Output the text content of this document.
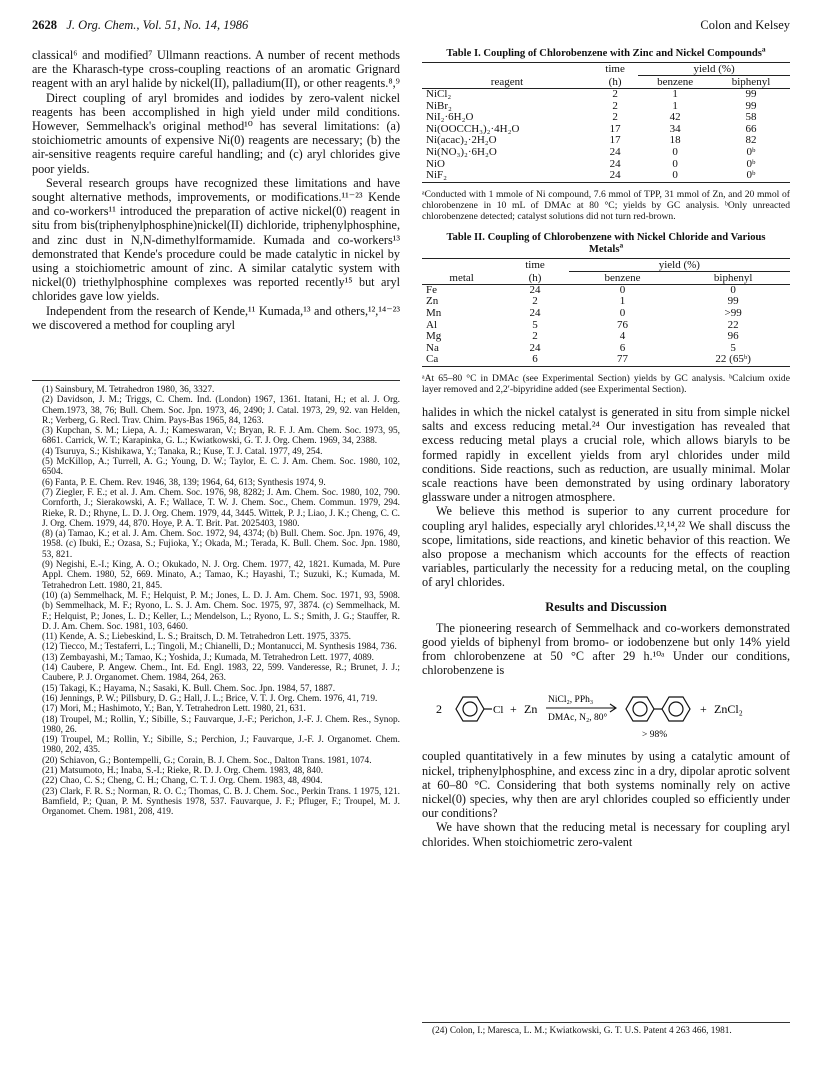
2628 J. Org. Chem., Vol. 51, No. 14, 1986	Colon and Kelsey

classical⁶ and modified⁷ Ullmann reactions. A number of recent methods are the Kharasch-type cross-coupling reactions of an aromatic Grignard reagent with an aryl halide by nickel(II), palladium(II), or other reagents.⁸,⁹

Direct coupling of aryl bromides and iodides by zero-valent nickel reagents has been accomplished in high yield under mild conditions. However, Semmelhack's original method¹⁰ has several limitations: (a) stoichiometric amounts of expensive Ni(0) reagents are necessary; (b) the air-sensitive reagents require careful handling; and (c) aryl chlorides give poor yields.

Several research groups have recognized these limitations and have sought alternative methods, improvements, or modifications.¹¹⁻²³ Kende and co-workers¹¹ introduced the preparation of active nickel(0) reagent in situ from bis(triphenylphosphine)nickel(II) dichloride, triphenylphosphine, and zinc dust in N,N-dimethylformamide. Kumada and co-workers¹³ demonstrated that Kende's procedure could be made catalytic in nickel by using a stoichiometric amount of zinc. A similar catalytic system with nickel(0) triethylphosphine complexes was reported recently¹⁵ but aryl chlorides gave low yields.

Independent from the research of Kende,¹¹ Kumada,¹³ and others,¹²,¹⁴⁻²³ we discovered a method for coupling aryl

(1) Sainsbury, M. Tetrahedron 1980, 36, 3327.

(2) Davidson, J. M.; Triggs, C. Chem. Ind. (London) 1967, 1361. Itatani, H.; et al. J. Org. Chem.1973, 38, 76; Bull. Chem. Soc. Jpn. 1973, 46, 2490; J. Catal. 1973, 29, 92. van Helden, R.; Verberg, G. Recl. Trav. Chim. Pays-Bas 1965, 84, 1263.

(3) Kupchan, S. M.; Liepa, A. J.; Kameswaran, V.; Bryan, R. F. J. Am. Chem. Soc. 1973, 95, 6861. Carrick, W. T.; Karapinka, G. L.; Kwiatkowski, G. T. J. Org. Chem. 1969, 34, 2388.

(4) Tsuruya, S.; Kishikawa, Y.; Tanaka, R.; Kuse, T. J. Catal. 1977, 49, 254.

(5) McKillop, A.; Turrell, A. G.; Young, D. W.; Taylor, E. C. J. Am. Chem. Soc. 1980, 102, 6504.

(6) Fanta, P. E. Chem. Rev. 1946, 38, 139; 1964, 64, 613; Synthesis 1974, 9.

(7) Ziegler, F. E.; et al. J. Am. Chem. Soc. 1976, 98, 8282; J. Am. Chem. Soc. 1980, 102, 790. Cornforth, J.; Sierakowski, A. F.; Wallace, T. W. J. Chem. Soc., Chem. Commun. 1979, 294. Rieke, R. D.; Rhyne, L. D. J. Org. Chem. 1979, 44, 3445. Wittek, P. J.; Liao, J. K.; Cheng, C. C. J. Org. Chem. 1979, 44, 870. Hoye, P. A. T. Brit. Pat. 2025403, 1980.

(8) (a) Tamao, K.; et al. J. Am. Chem. Soc. 1972, 94, 4374; (b) Bull. Chem. Soc. Jpn. 1976, 49, 1958. (c) Ibuki, E.; Ozasa, S.; Fujioka, Y.; Okada, M.; Terada, K. Bull. Chem. Soc. Jpn. 1980, 53, 821.

(9) Negishi, E.-I.; King, A. O.; Okukado, N. J. Org. Chem. 1977, 42, 1821. Kumada, M. Pure Appl. Chem. 1980, 52, 669. Minato, A.; Tamao, K.; Hayashi, T.; Suzuki, K.; Kumada, M. Tetrahedron Lett. 1980, 21, 845.

(10) (a) Semmelhack, M. F.; Helquist, P. M.; Jones, L. D. J. Am. Chem. Soc. 1971, 93, 5908. (b) Semmelhack, M. F.; Ryono, L. S. J. Am. Chem. Soc. 1975, 97, 3874. (c) Semmelhack, M. F.; Helquist, P.; Jones, L. D.; Keller, L.; Mendelson, L.; Ryono, L. S.; Smith, J. G.; Stauffer, R. D. J. Am. Chem. Soc. 1981, 103, 6460.

(11) Kende, A. S.; Liebeskind, L. S.; Braitsch, D. M. Tetrahedron Lett. 1975, 3375.

(12) Tiecco, M.; Testaferri, L.; Tingoli, M.; Chianelli, D.; Montanucci, M. Synthesis 1984, 736.

(13) Zembayashi, M.; Tamao, K.; Yoshida, J.; Kumada, M. Tetrahedron Lett. 1977, 4089.

(14) Caubere, P. Angew. Chem., Int. Ed. Engl. 1983, 22, 599. Vanderesse, R.; Brunet, J. J.; Caubere, P. J. Organomet. Chem. 1984, 264, 263.

(15) Takagi, K.; Hayama, N.; Sasaki, K. Bull. Chem. Soc. Jpn. 1984, 57, 1887.

(16) Jennings, P. W.; Pillsbury, D. G.; Hall, J. L.; Brice, V. T. J. Org. Chem. 1976, 41, 719.

(17) Mori, M.; Hashimoto, Y.; Ban, Y. Tetrahedron Lett. 1980, 21, 631.

(18) Troupel, M.; Rollin, Y.; Sibille, S.; Fauvarque, J.-F.; Perichon, J.-F. J. Chem. Res., Synop. 1980, 26.

(19) Troupel, M.; Rollin, Y.; Sibille, S.; Perchion, J.; Fauvarque, J.-F. J. Organomet. Chem. 1980, 202, 435.

(20) Schiavon, G.; Bontempelli, G.; Corain, B. J. Chem. Soc., Dalton Trans. 1981, 1074.

(21) Matsumoto, H.; Inaba, S.-I.; Rieke, R. D. J. Org. Chem. 1983, 48, 840.

(22) Chao, C. S.; Cheng, C. H.; Chang, C. T. J. Org. Chem. 1983, 48, 4904.

(23) Clark, F. R. S.; Norman, R. O. C.; Thomas, C. B. J. Chem. Soc., Perkin Trans. 1 1975, 121. Bamfield, P.; Quan, P. M. Synthesis 1978, 537. Fauvarque, J. F.; Pfluger, F.; Troupel, M. J. Organomet. Chem. 1981, 208, 419.

Table I. Coupling of Chlorobenzene with Zinc and Nickel Compounds$^a$
	time	yield (%)	
reagent	(h)	benzene	biphenyl
NiCl₂	2	1	99
NiBr₂	2	1	99
NiI₂·6H₂O	2	42	58
Ni(OOCCH₃)₂·4H₂O	17	34	66
Ni(acac)₂·2H₂O	17	18	82
Ni(NO₃)₂·6H₂O	24	0	0ᵇ
NiO	24	0	0ᵇ
NiF₂	24	0	0ᵇ

ᵃConducted with 1 mmole of Ni compound, 7.6 mmol of TPP, 31 mmol of Zn, and 20 mmol of chlorobenzene in 10 mL of DMAc at 80 °C; yields by GC analysis. ᵇOnly unreacted chlorobenzene detected; catalyst solutions did not turn red-brown.

Table II. Coupling of Chlorobenzene with Nickel Chloride and Various Metals$^a$
	time	yield (%)	
metal	(h)	benzene	biphenyl
Fe	24	0	0
Zn	2	1	99
Mn	24	0	>99
Al	5	76	22
Mg	2	4	96
Na	24	6	5
Ca	6	77	22 (65ᵇ)

ᵃAt 65–80 °C in DMAc (see Experimental Section) yields by GC analysis. ᵇCalcium oxide layer removed and 2,2′-bipyridine added (see Experimental Section).

halides in which the nickel catalyst is generated in situ from simple nickel salts and excess reducing metal.²⁴ Our investigation has revealed that excess reducing metal plays a crucial role, which allows biaryls to be formed rapidly in excellent yields from aryl chlorides under mild conditions. Side reactions, such as reduction, are usually minimal. Molar scale reactions have been demonstrated by using ordinary laboratory glassware under a nitrogen atmosphere.

We believe this method is superior to any current procedure for coupling aryl halides, especially aryl chlorides.¹²,¹⁴,²² We shall discuss the scope, limitations, side reactions, and kinetic behavior of this reaction. We also propose a mechanism which accounts for the effects of reaction variables, particularly the necessity for a reducing metal, on the coupling of aryl chlorides.

Results and Discussion

The pioneering research of Semmelhack and co-workers demonstrated good yields of biphenyl from bromo- or iodobenzene but only 14% yield from chlorobenzene at 50 °C after 29 h.¹⁰ᵃ Under our conditions, chlorobenzene is

2	Cl + Zn
NiCl₂, PPh₃
DMAc, N₂, 80°
+ ZnCl₂
> 98%

coupled quantitatively in a few minutes by using a catalytic amount of nickel, triphenylphosphine, and excess zinc in a dry, dipolar aprotic solvent at 60–80 °C. Considering that both systems nominally rely on active nickel(0) species, why then are aryl chlorides coupled so efficiently under our conditions?

We have shown that the reducing metal is necessary for coupling aryl chlorides. When stoichiometric zero-valent

(24) Colon, I.; Maresca, L. M.; Kwiatkowski, G. T. U.S. Patent 4 263 466, 1981.
